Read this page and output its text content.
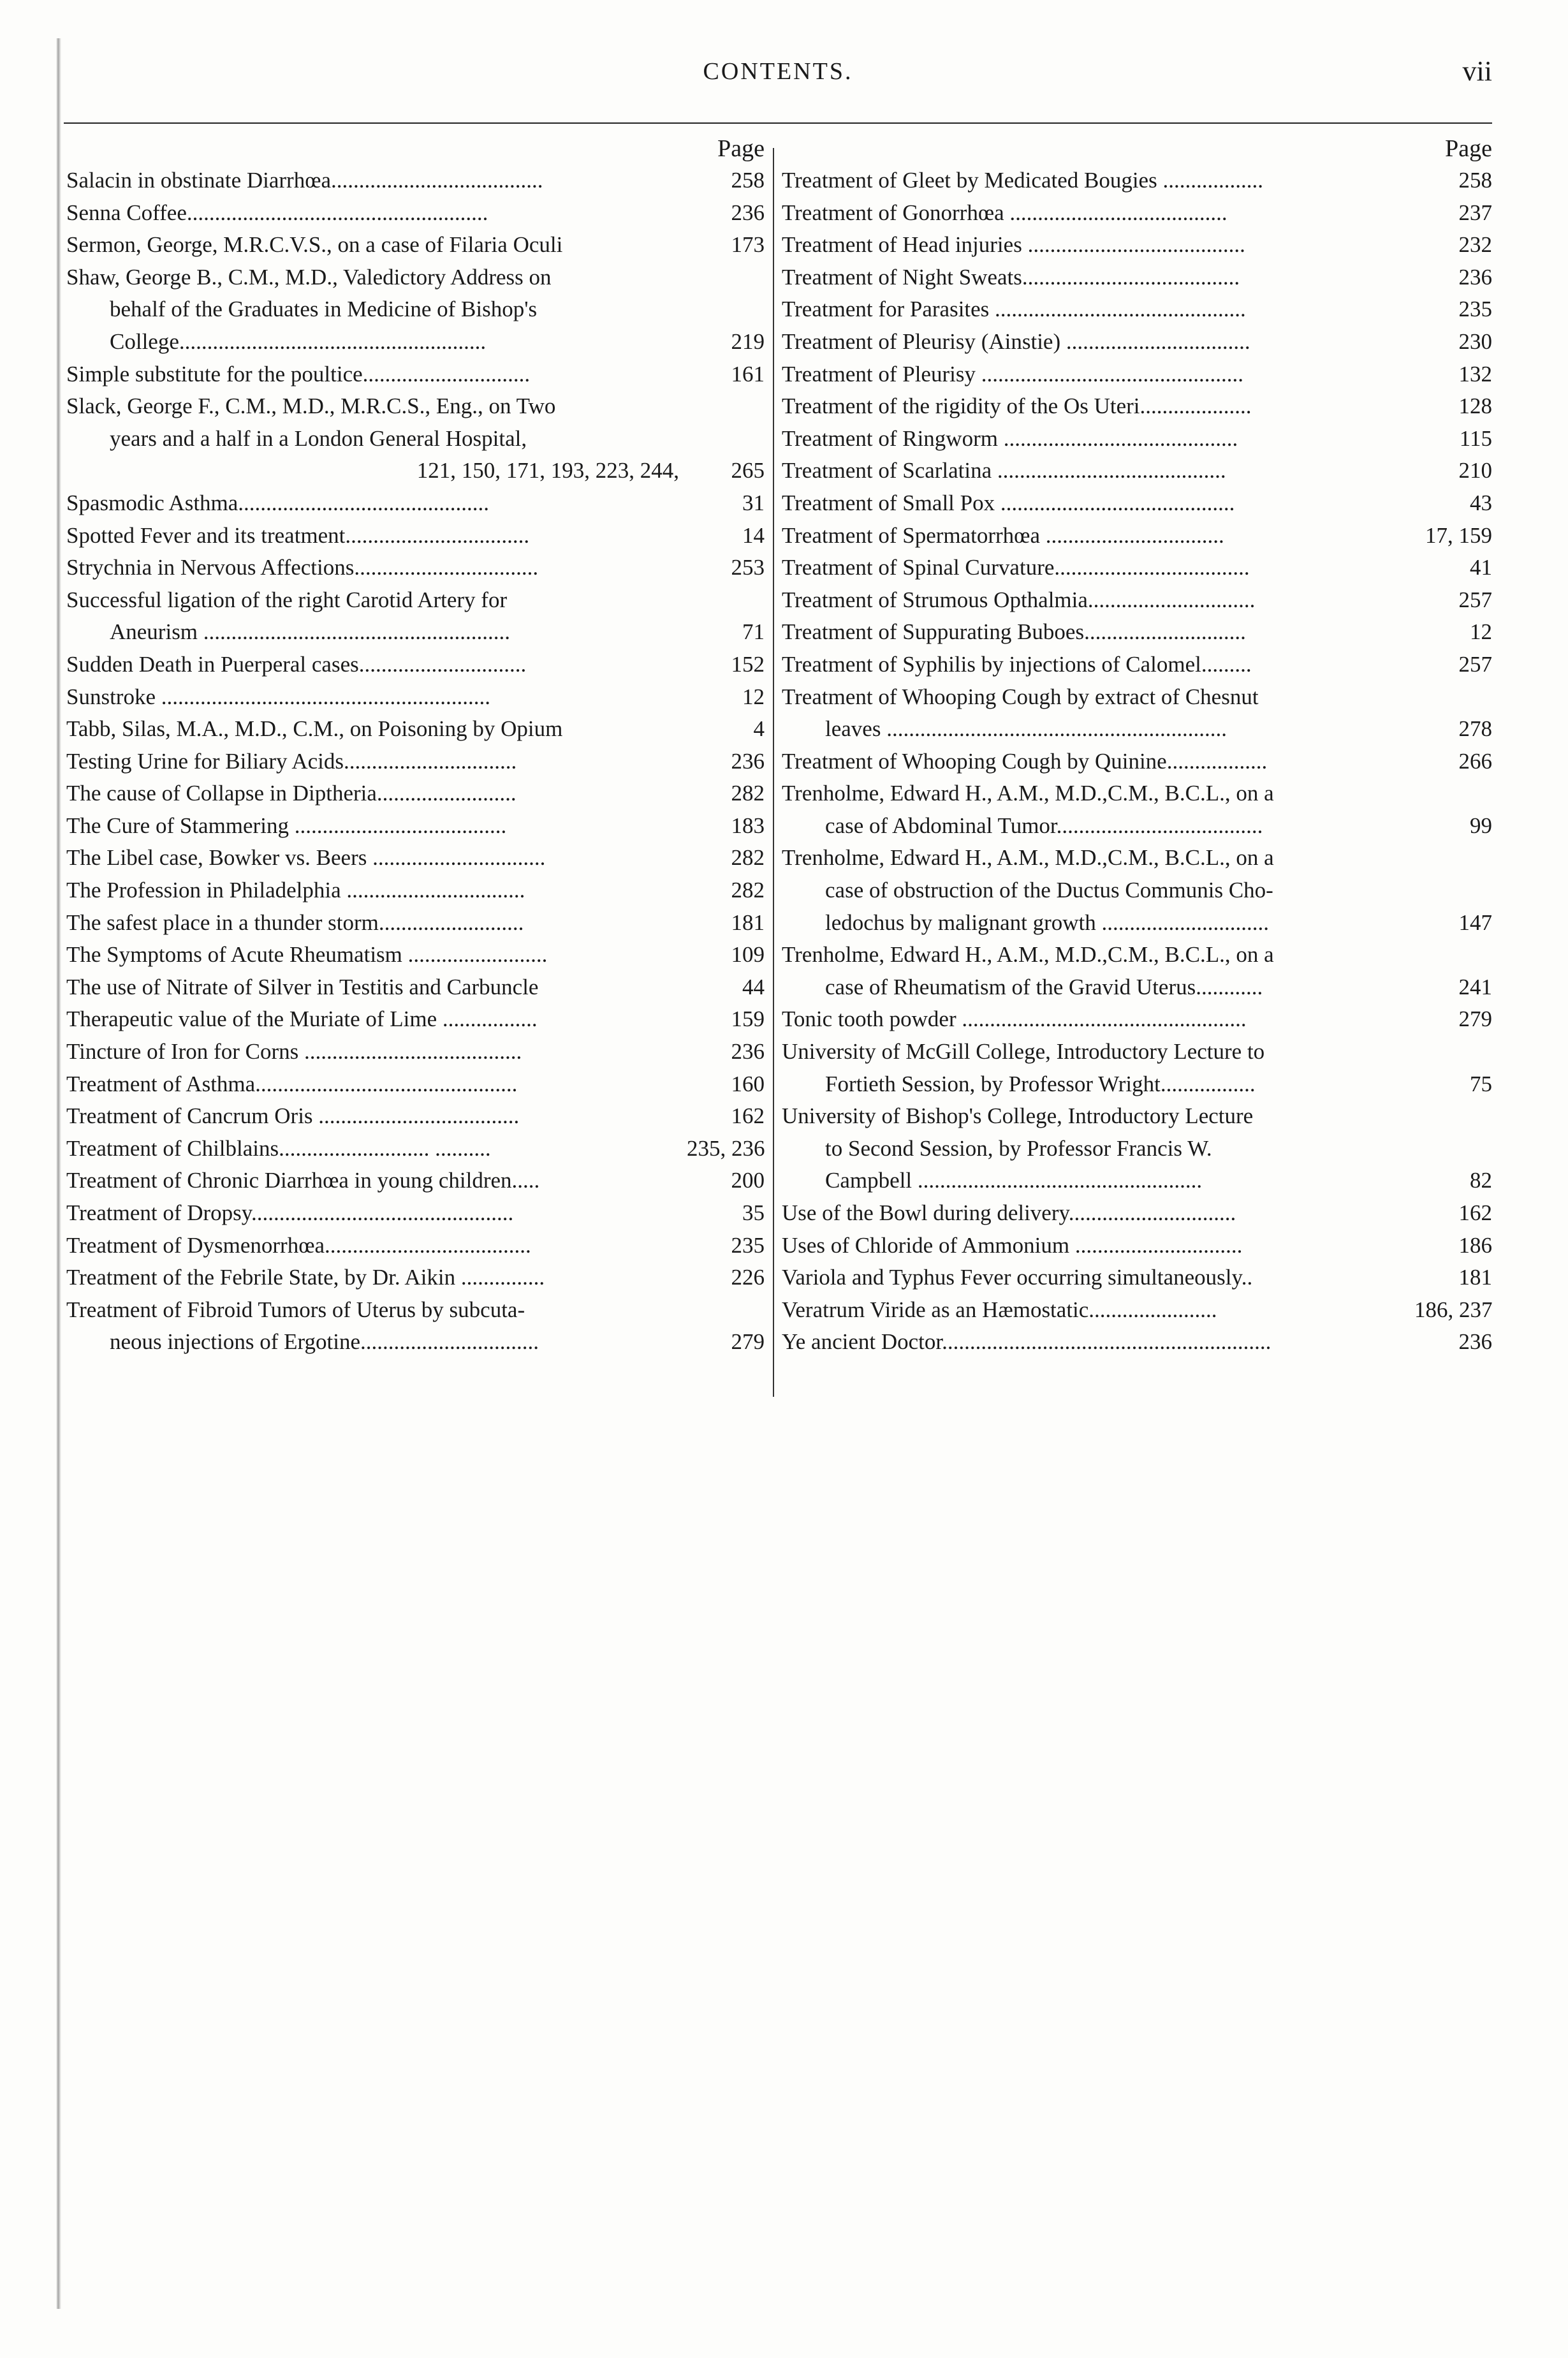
CONTENTS.	vii
Page
Salacin in obstinate Diarrhœa......................................	258
Senna Coffee......................................................	236
Sermon, George, M.R.C.V.S., on a case of Filaria Oculi	173
Shaw, George B., C.M., M.D., Valedictory Address on
behalf of the Graduates in Medicine of Bishop's
College.......................................................	219
Simple substitute for the poultice..............................	161
Slack, George F., C.M., M.D., M.R.C.S., Eng., on Two
years and a half in a London General Hospital,
121, 150, 171, 193, 223, 244,	265
Spasmodic Asthma.............................................	31
Spotted Fever and its treatment.................................	14
Strychnia in Nervous Affections.................................	253
Successful ligation of the right Carotid Artery for
Aneurism .......................................................	71
Sudden Death in Puerperal cases..............................	152
Sunstroke ...........................................................	12
Tabb, Silas, M.A., M.D., C.M., on Poisoning by Opium	4
Testing Urine for Biliary Acids...............................	236
The cause of Collapse in Diptheria.........................	282
The Cure of Stammering ......................................	183
The Libel case, Bowker vs. Beers ...............................	282
The Profession in Philadelphia ................................	282
The safest place in a thunder storm..........................	181
The Symptoms of Acute Rheumatism .........................	109
The use of Nitrate of Silver in Testitis and Carbuncle	44
Therapeutic value of the Muriate of Lime .................	159
Tincture of Iron for Corns .......................................	236
Treatment of Asthma...............................................	160
Treatment of Cancrum Oris ....................................	162
Treatment of Chilblains........................... ..........	235, 236
Treatment of Chronic Diarrhœa in young children.....	200
Treatment of Dropsy...............................................	35
Treatment of Dysmenorrhœa.....................................	235
Treatment of the Febrile State, by Dr. Aikin ...............	226
Treatment of Fibroid Tumors of Uterus by subcuta-
neous injections of Ergotine................................	279
Page
Treatment of Gleet by Medicated Bougies ..................	258
Treatment of Gonorrhœa .......................................	237
Treatment of Head injuries .......................................	232
Treatment of Night Sweats.......................................	236
Treatment for Parasites .............................................	235
Treatment of Pleurisy (Ainstie) .................................	230
Treatment of Pleurisy ...............................................	132
Treatment of the rigidity of the Os Uteri....................	128
Treatment of Ringworm ..........................................	115
Treatment of Scarlatina .........................................	210
Treatment of Small Pox ..........................................	43
Treatment of Spermatorrhœa ................................	17, 159
Treatment of Spinal Curvature...................................	41
Treatment of Strumous Opthalmia..............................	257
Treatment of Suppurating Buboes.............................	12
Treatment of Syphilis by injections of Calomel.........	257
Treatment of Whooping Cough by extract of Chesnut
leaves .............................................................	278
Treatment of Whooping Cough by Quinine..................	266
Trenholme, Edward H., A.M., M.D.,C.M., B.C.L., on a
case of Abdominal Tumor.....................................	99
Trenholme, Edward H., A.M., M.D.,C.M., B.C.L., on a
case of obstruction of the Ductus Communis Cho-
ledochus by malignant growth ..............................	147
Trenholme, Edward H., A.M., M.D.,C.M., B.C.L., on a
case of Rheumatism of the Gravid Uterus............	241
Tonic tooth powder ...................................................	279
University of McGill College, Introductory Lecture to
Fortieth Session, by Professor Wright.................	75
University of Bishop's College, Introductory Lecture
to Second Session, by Professor Francis W.
Campbell ...................................................	82
Use of the Bowl during delivery..............................	162
Uses of Chloride of Ammonium ..............................	186
Variola and Typhus Fever occurring simultaneously..	181
Veratrum Viride as an Hæmostatic.......................	186, 237
Ye ancient Doctor...........................................................	236
